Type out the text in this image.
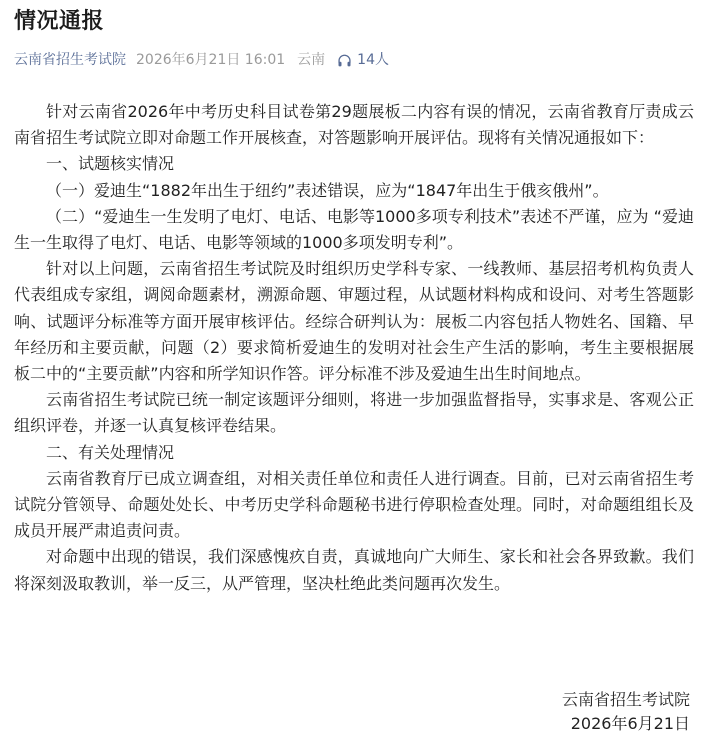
情况通报
云南省招生考试院 2026年6月21日 16:01 云南 14人

针对云南省2026年中考历史科目试卷第29题展板二内容有误的情况，云南省教育厅责成云南省招生考试院立即对命题工作开展核查，对答题影响开展评估。现将有关情况通报如下：

一、试题核实情况

（一）爱迪生“1882年出生于纽约”表述错误，应为“1847年出生于俄亥俄州”。

（二）“爱迪生一生发明了电灯、电话、电影等1000多项专利技术”表述不严谨，应为 “爱迪生一生取得了电灯、电话、电影等领域的1000多项发明专利”。

针对以上问题，云南省招生考试院及时组织历史学科专家、一线教师、基层招考机构负责人代表组成专家组，调阅命题素材，溯源命题、审题过程，从试题材料构成和设问、对考生答题影响、试题评分标准等方面开展审核评估。经综合研判认为：展板二内容包括人物姓名、国籍、早年经历和主要贡献，问题（2）要求简析爱迪生的发明对社会生产生活的影响，考生主要根据展板二中的“主要贡献”内容和所学知识作答。评分标准不涉及爱迪生出生时间地点。

云南省招生考试院已统一制定该题评分细则，将进一步加强监督指导，实事求是、客观公正组织评卷，并逐一认真复核评卷结果。

二、有关处理情况

云南省教育厅已成立调查组，对相关责任单位和责任人进行调查。目前，已对云南省招生考试院分管领导、命题处处长、中考历史学科命题秘书进行停职检查处理。同时，对命题组组长及成员开展严肃追责问责。

对命题中出现的错误，我们深感愧疚自责，真诚地向广大师生、家长和社会各界致歉。我们将深刻汲取教训，举一反三，从严管理，坚决杜绝此类问题再次发生。

云南省招生考试院
2026年6月21日
